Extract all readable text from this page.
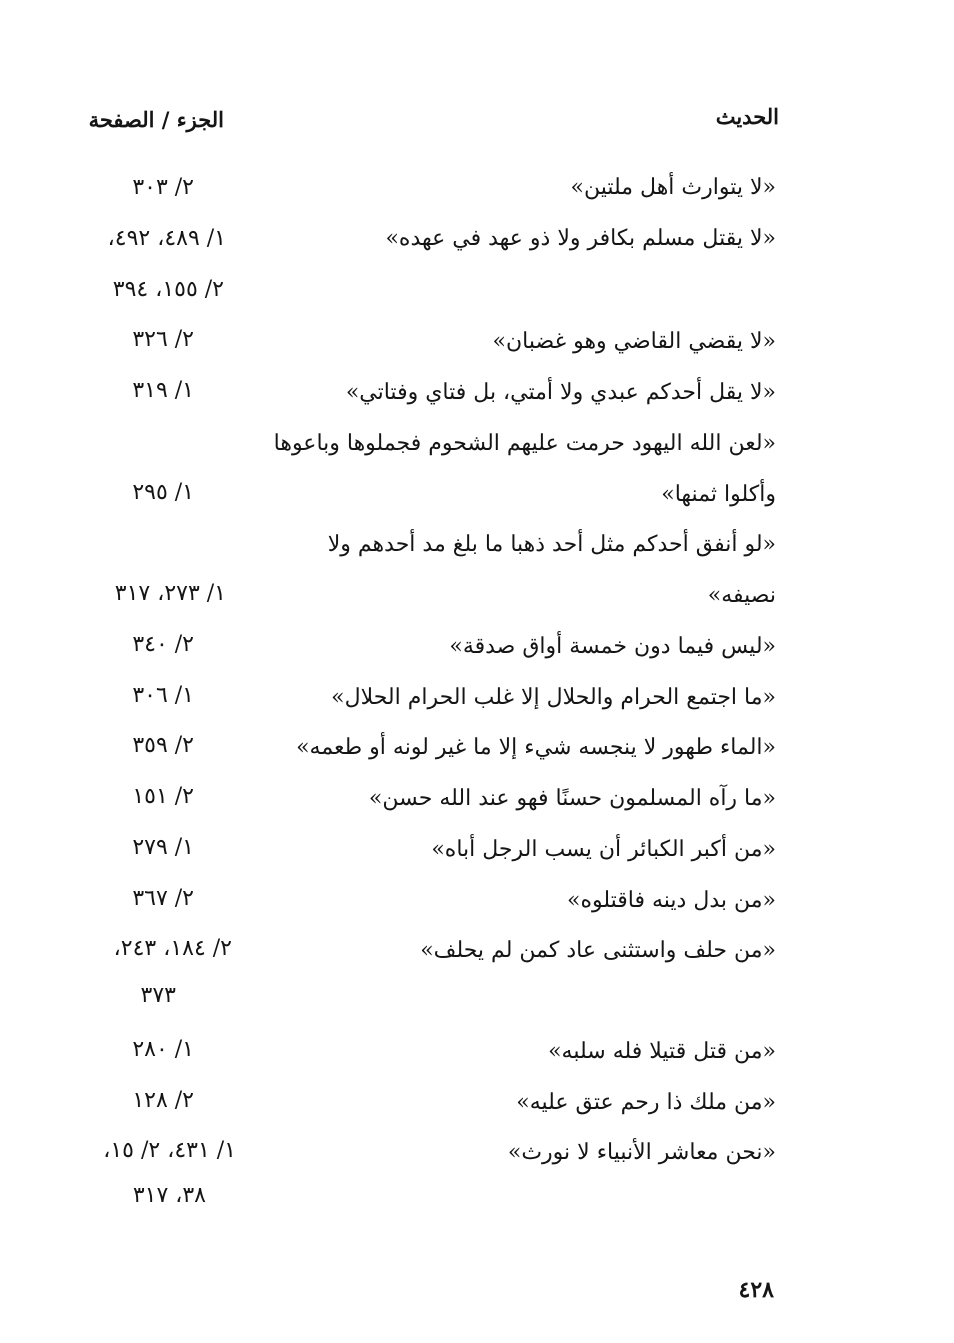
الحديث
الجزء / الصفحة
«لا يتوارث أهل ملتين»
٢/ ٣٠٣
«لا يقتل مسلم بكافر ولا ذو عهد في عهده»
١/ ٤٨٩، ٤٩٢،
٢/ ١٥٥، ٣٩٤
«لا يقضي القاضي وهو غضبان»
٢/ ٣٢٦
«لا يقل أحدكم عبدي ولا أمتي، بل فتاي وفتاتي»
١/ ٣١٩
«لعن الله اليهود حرمت عليهم الشحوم فجملوها وباعوها
وأكلوا ثمنها»
١/ ٢٩٥
«لو أنفق أحدكم مثل أحد ذهبا ما بلغ مد أحدهم ولا
نصيفه»
١/ ٢٧٣، ٣١٧
«ليس فيما دون خمسة أواق صدقة»
٢/ ٣٤٠
«ما اجتمع الحرام والحلال إلا غلب الحرام الحلال»
١/ ٣٠٦
«الماء طهور لا ينجسه شيء إلا ما غير لونه أو طعمه»
٢/ ٣٥٩
«ما رآه المسلمون حسنًا فهو عند الله حسن»
٢/ ١٥١
«من أكبر الكبائر أن يسب الرجل أباه»
١/ ٢٧٩
«من بدل دينه فاقتلوه»
٢/ ٣٦٧
«من حلف واستثنى عاد كمن لم يحلف»
٢/ ١٨٤، ٢٤٣،
٣٧٣
«من قتل قتيلا فله سلبه»
١/ ٢٨٠
«من ملك ذا رحم عتق عليه»
٢/ ١٢٨
«نحن معاشر الأنبياء لا نورث»
١/ ٤٣١، ٢/ ١٥،
٣٨، ٣١٧
٤٢٨
